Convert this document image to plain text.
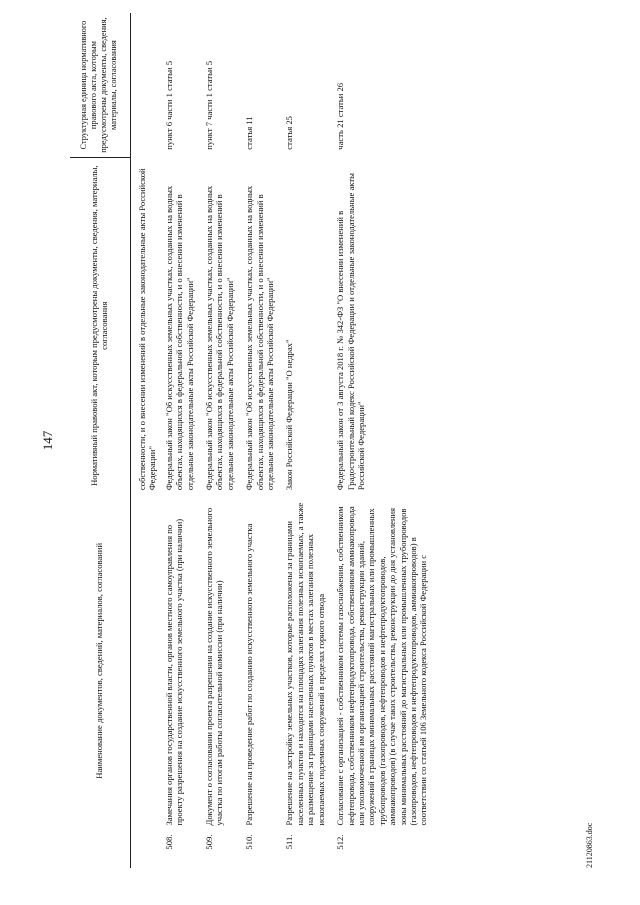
147
	Наименование документов, сведений, материалов, согласований	Нормативный правовой акт, которым предусмотрены документы, сведения, материалы, согласования	Структурная единица нормативного правового акта, которым предусмотрены документы, сведения, материалы, согласования
		собственности, и о внесении изменений в отдельные законодательные акты Российской Федерации"	
508.	Замечания органов государственной власти, органов местного самоуправления по проекту разрешения на создание искусственного земельного участка (при наличии)	Федеральный закон "Об искусственных земельных участках, созданных на водных объектах, находящихся в федеральной собственности, и о внесении изменений в отдельные законодательные акты Российской Федерации"	пункт 6 части 1 статьи 5
509.	Документ о согласовании проекта разрешения на создание искусственного земельного участка по итогам работы согласительной комиссии (при наличии)	Федеральный закон "Об искусственных земельных участках, созданных на водных объектах, находящихся в федеральной собственности, и о внесении изменений в отдельные законодательные акты Российской Федерации"	пункт 7 части 1 статьи 5
510.	Разрешение на проведение работ по созданию искусственного земельного участка	Федеральный закон "Об искусственных земельных участках, созданных на водных объектах, находящихся в федеральной собственности, и о внесении изменений в отдельные законодательные акты Российской Федерации"	статья 11
511.	Разрешение на застройку земельных участков, которые расположены за границами населенных пунктов и находятся на площадях залегания полезных ископаемых, а также на размещение за границами населенных пунктов в местах залегания полезных ископаемых подземных сооружений в пределах горного отвода	Закон Российской Федерации "О недрах"	статья 25
512.	Согласование с организацией - собственником системы газоснабжения, собственником нефтепровода, собственником нефтепродуктопровода, собственником аммиакопровода или уполномоченной им организацией строительства, реконструкции зданий, сооружений в границах минимальных расстояний магистральных или промышленных трубопроводов (газопроводов, нефтепроводов и нефтепродуктопроводов, аммиакопроводов) (в случае таких строительства, реконструкции до дня установления зоны минимальных расстояний до магистральных или промышленных трубопроводов (газопроводов, нефтепроводов и нефтепродуктопроводов, аммиакопроводов) в соответствии со статьей 106 Земельного кодекса Российской Федерации с	Федеральный закон от 3 августа 2018 г. № 342-ФЗ "О внесении изменений в Градостроительный кодекс Российской Федерации и отдельные законодательные акты Российской Федерации"	часть 21 статьи 26
21120863.doc
